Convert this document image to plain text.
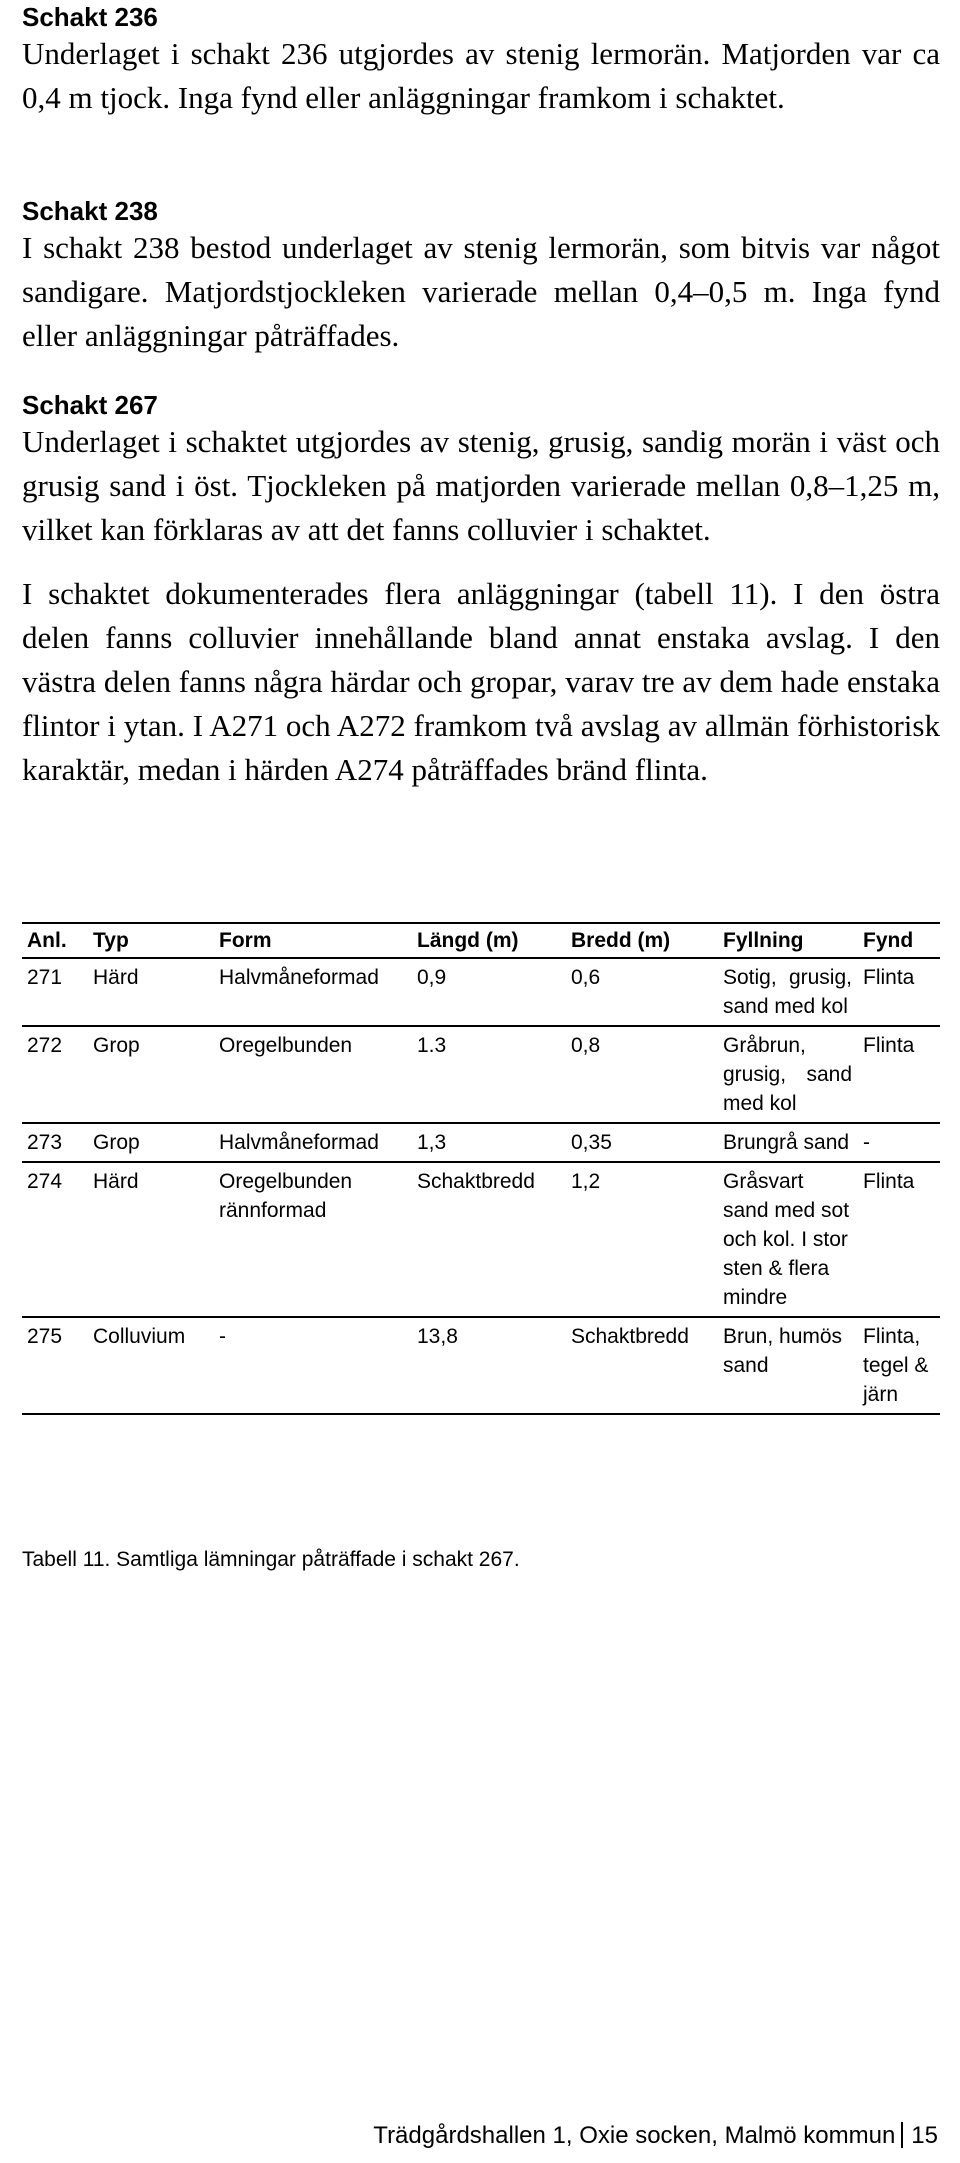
Schakt 236

Underlaget i schakt 236 utgjordes av stenig lermorän. Matjorden var ca 0,4 m tjock. Inga fynd eller anläggningar framkom i schaktet.

Schakt 238

I schakt 238 bestod underlaget av stenig lermorän, som bitvis var något sandigare. Matjordstjockleken varierade mellan 0,4–0,5 m. Inga fynd eller anläggningar påträffades.

Schakt 267

Underlaget i schaktet utgjordes av stenig, grusig, sandig morän i väst och grusig sand i öst. Tjockleken på matjorden varierade mellan 0,8–1,25 m, vilket kan förklaras av att det fanns colluvier i schaktet.

I schaktet dokumenterades flera anläggningar (tabell 11). I den östra delen fanns colluvier innehållande bland annat enstaka avslag. I den västra delen fanns några härdar och gropar, varav tre av dem hade enstaka flintor i ytan. I A271 och A272 framkom två avslag av allmän förhistorisk karaktär, medan i härden A274 påträffades bränd flinta.

Anl.	Typ	Form	Längd (m)	Bredd (m)	Fyllning	Fynd
271	Härd	Halvmåneformad	0,9	0,6	Sotig, grusig, sand med kol	Flinta
272	Grop	Oregelbunden	1.3	0,8	Gråbrun, grusig, sand med kol	Flinta
273	Grop	Halvmåneformad	1,3	0,35	Brungrå sand	-
274	Härd	Oregelbunden rännformad	Schaktbredd	1,2	Gråsvart sand med sot och kol. I stor sten & flera mindre	Flinta
275	Colluvium	-	13,8	Schaktbredd	Brun, humös sand	Flinta, tegel & järn

Tabell 11. Samtliga lämningar påträffade i schakt 267.

Trädgårdshallen 1, Oxie socken, Malmö kommun 15
